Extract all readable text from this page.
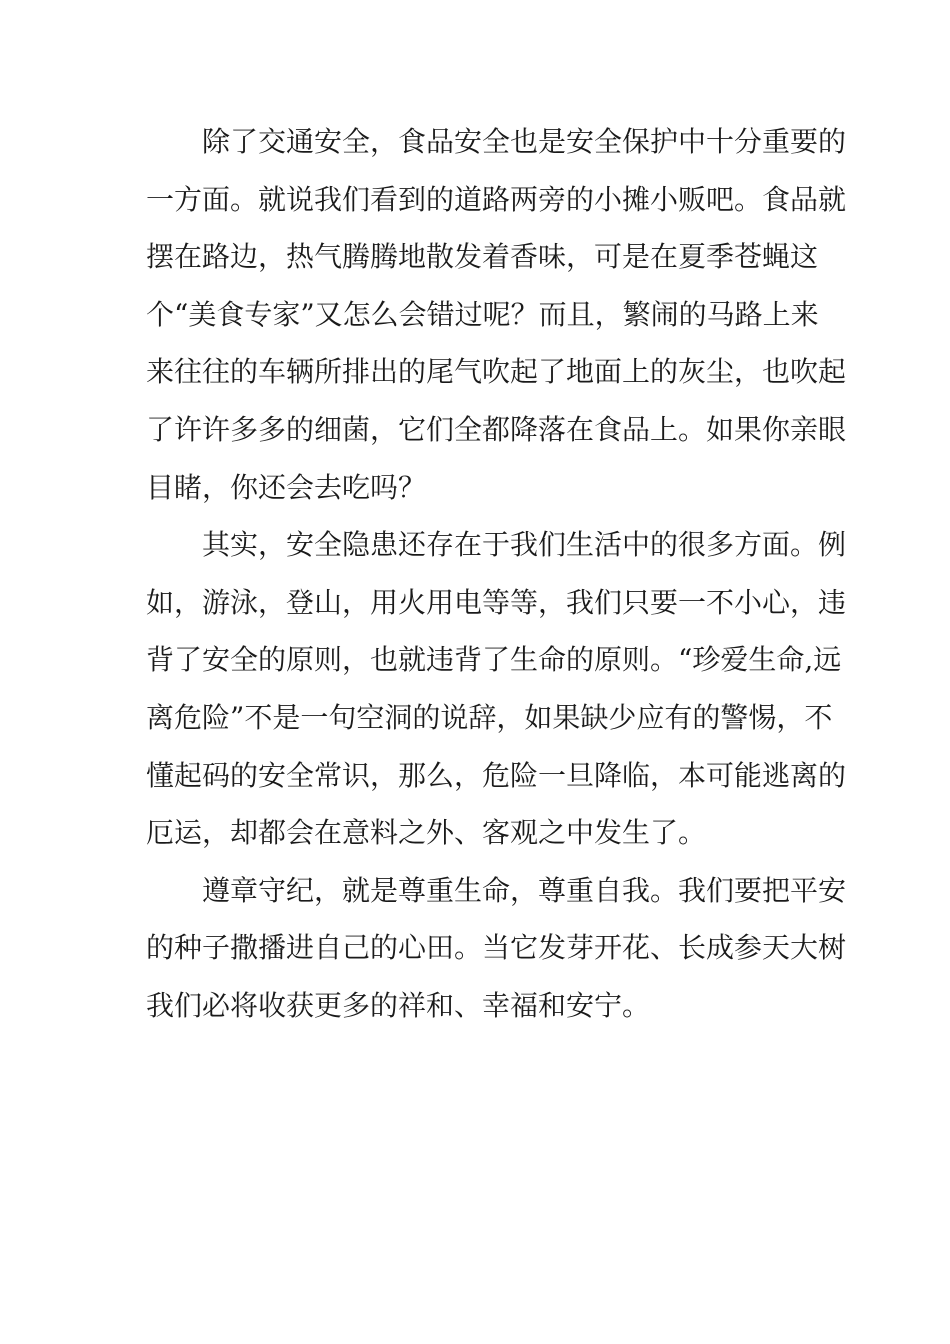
除了交通安全，食品安全也是安全保护中十分重要的
一方面。就说我们看到的道路两旁的小摊小贩吧。食品就
摆在路边，热气腾腾地散发着香味，可是在夏季苍蝇这
个“美食专家”又怎么会错过呢？而且，繁闹的马路上来
来往往的车辆所排出的尾气吹起了地面上的灰尘，也吹起
了许许多多的细菌，它们全都降落在食品上。如果你亲眼
目睹，你还会去吃吗？

其实，安全隐患还存在于我们生活中的很多方面。例
如，游泳，登山，用火用电等等，我们只要一不小心，违
背了安全的原则，也就违背了生命的原则。“珍爱生命,远
离危险”不是一句空洞的说辞，如果缺少应有的警惕，不
懂起码的安全常识，那么，危险一旦降临，本可能逃离的
厄运，却都会在意料之外、客观之中发生了。

遵章守纪，就是尊重生命，尊重自我。我们要把平安
的种子撒播进自己的心田。当它发芽开花、长成参天大树
我们必将收获更多的祥和、幸福和安宁。
